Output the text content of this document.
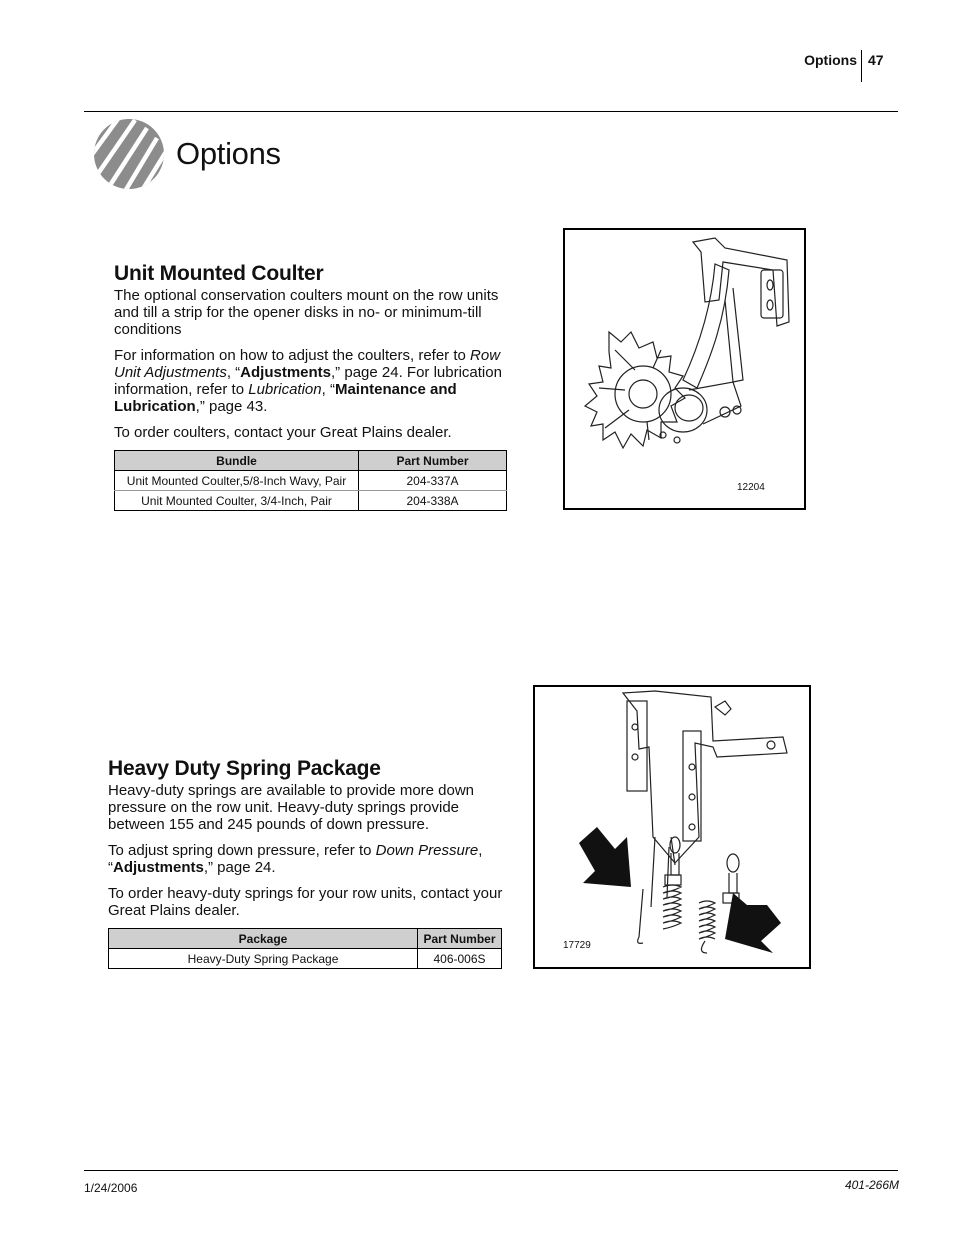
Options 47
Options
Unit Mounted Coulter

The optional conservation coulters mount on the row units and till a strip for the opener disks in no- or minimum-till conditions

For information on how to adjust the coulters, refer to Row Unit Adjustments, “Adjustments,” page 24. For lubrication information, refer to Lubrication, “Maintenance and Lubrication,” page 43.

To order coulters, contact your Great Plains dealer.

Bundle	Part Number
Unit Mounted Coulter,5/8-Inch Wavy, Pair	204-337A
Unit Mounted Coulter, 3/4-Inch, Pair	204-338A
12204
Heavy Duty Spring Package

Heavy-duty springs are available to provide more down pressure on the row unit. Heavy-duty springs provide between 155 and 245 pounds of down pressure.

To adjust spring down pressure, refer to Down Pressure, “Adjustments,” page 24.

To order heavy-duty springs for your row units, contact your Great Plains dealer.

Package	Part Number
Heavy-Duty Spring Package	406-006S
17729
1/24/2006	401-266M
